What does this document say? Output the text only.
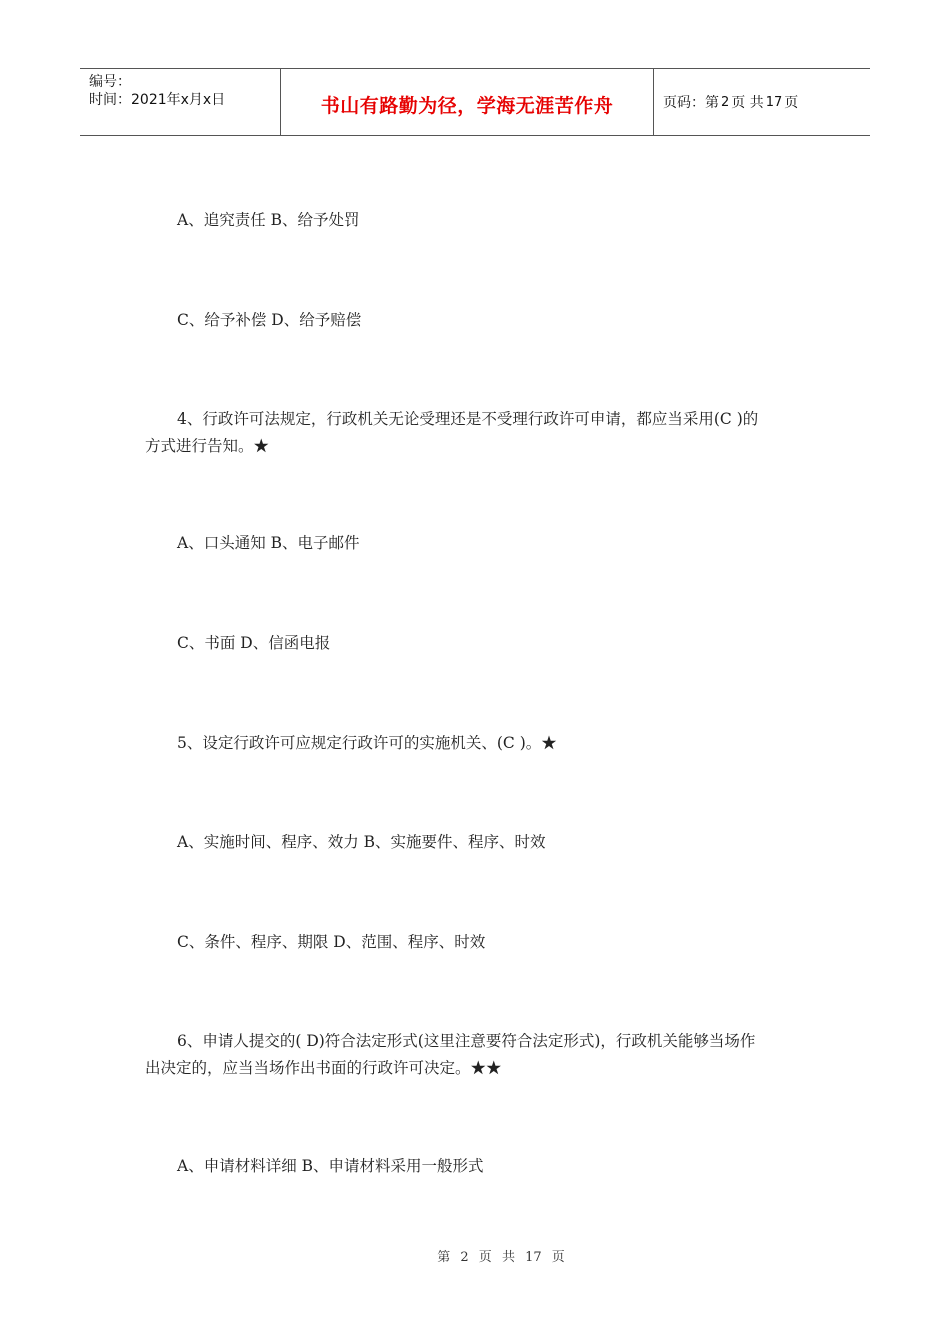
编号：
时间：2021年x月x日	书山有路勤为径，学海无涯苦作舟	页码：第 2 页 共 17 页
A、追究责任 B、给予处罚
C、给予补偿 D、给予赔偿
4、行政许可法规定，行政机关无论受理还是不受理行政许可申请，都应当采用(C )的
方式进行告知。★
A、口头通知 B、电子邮件
C、书面 D、信函电报
5、设定行政许可应规定行政许可的实施机关、(C )。★
A、实施时间、程序、效力 B、实施要件、程序、时效
C、条件、程序、期限 D、范围、程序、时效
6、申请人提交的( D)符合法定形式(这里注意要符合法定形式)，行政机关能够当场作
出决定的，应当当场作出书面的行政许可决定。★★
A、申请材料详细 B、申请材料采用一般形式
第 2 页 共 17 页
